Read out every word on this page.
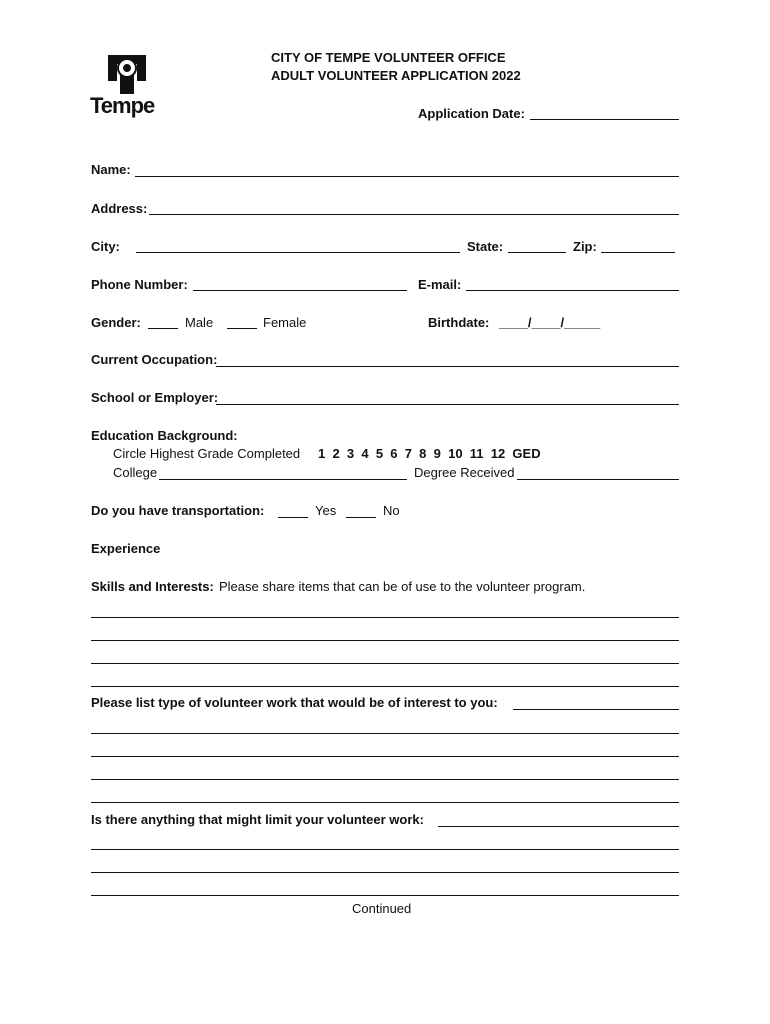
Tempe
CITY OF TEMPE VOLUNTEER OFFICE
ADULT VOLUNTEER APPLICATION 2022
Application Date:
Name:
Address:
City:	State:	Zip:
Phone Number:	E-mail:
Gender:	Male	Female	Birthdate: ____/____/_____
Current Occupation:
School or Employer:
Education Background:
Circle Highest Grade Completed 1  2  3  4  5  6  7  8  9  10  11  12  GED
College	Degree Received
Do you have transportation:	Yes	No
Experience
Skills and Interests: Please share items that can be of use to the volunteer program.
Please list type of volunteer work that would be of interest to you:
Is there anything that might limit your volunteer work:
Continued
